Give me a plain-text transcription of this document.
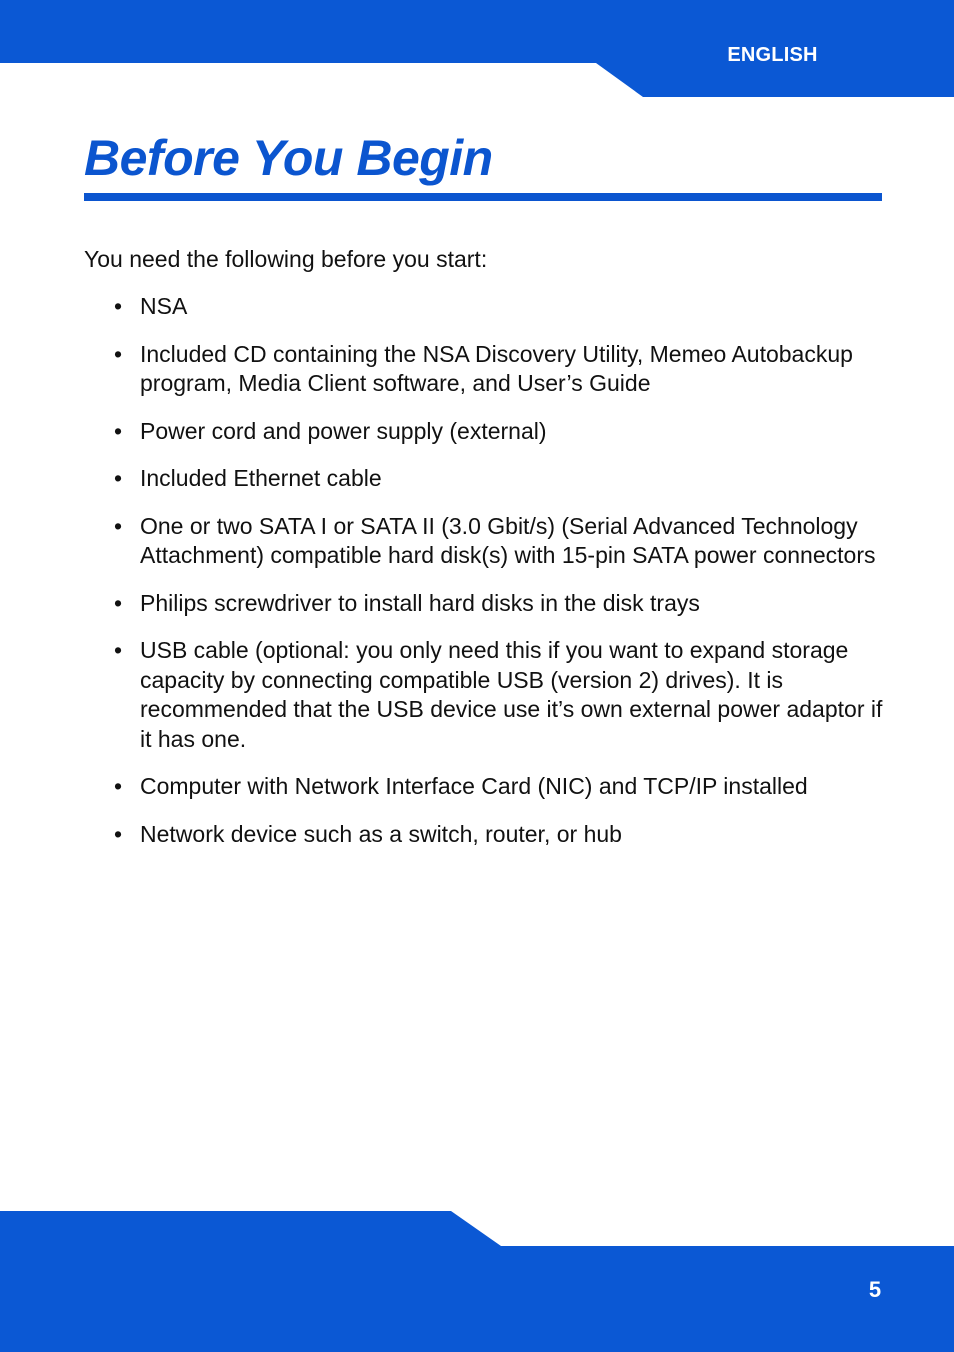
ENGLISH
Before You Begin

You need the following before you start:

• NSA
• Included CD containing the NSA Discovery Utility, Memeo Autobackup program, Media Client software, and User’s Guide
• Power cord and power supply (external)
• Included Ethernet cable
• One or two SATA I or SATA II (3.0 Gbit/s) (Serial Advanced Technology Attachment) compatible hard disk(s) with 15-pin SATA power connectors
• Philips screwdriver to install hard disks in the disk trays
• USB cable (optional: you only need this if you want to expand storage capacity by connecting compatible USB (version 2) drives). It is recommended that the USB device use it’s own external power adaptor if it has one.
• Computer with Network Interface Card (NIC) and TCP/IP installed
• Network device such as a switch, router, or hub
5
